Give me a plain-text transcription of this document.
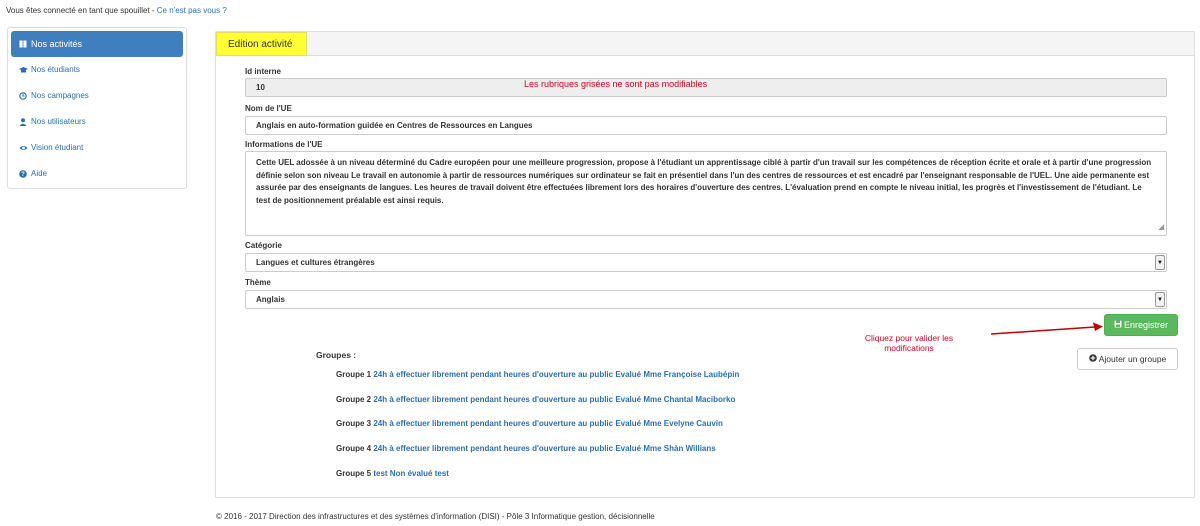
Vous êtes connecté en tant que spouillet - Ce n'est pas vous ?
Nos activités
Nos étudiants
Nos campagnes
Nos utilisateurs
Vision étudiant
? Aide
Edition activité
Id interne
10	Les rubriques grisées ne sont pas modifiables
Nom de l'UE
Anglais en auto-formation guidée en Centres de Ressources en Langues
Informations de l'UE
Cette UEL adossée à un niveau déterminé du Cadre européen pour une meilleure progression, propose à l'étudiant un apprentissage ciblé à partir d'un travail sur les compétences de réception écrite et orale et à partir d'une progression définie selon son niveau Le travail en autonomie à partir de ressources numériques sur ordinateur se fait en présentiel dans l'un des centres de ressources et est encadré par l'enseignant responsable de l'UEL. Une aide permanente est assurée par des enseignants de langues. Les heures de travail doivent être effectuées librement lors des horaires d'ouverture des centres. L'évaluation prend en compte le niveau initial, les progrès et l'investissement de l'étudiant. Le test de positionnement préalable est ainsi requis.
◢
Catégorie
Langues et cultures étrangères	▼
Thème
Anglais	▼
Enregistrer
Cliquez pour valider les modifications
Ajouter un groupe
Groupes :
Groupe 1 24h à effectuer librement pendant heures d'ouverture au public Evalué Mme Françoise Laubépin
Groupe 2 24h à effectuer librement pendant heures d'ouverture au public Evalué Mme Chantal Maciborko
Groupe 3 24h à effectuer librement pendant heures d'ouverture au public Evalué Mme Evelyne Cauvin
Groupe 4 24h à effectuer librement pendant heures d'ouverture au public Evalué Mme Shàn Willians
Groupe 5 test Non évalué test
© 2016 - 2017 Direction des infrastructures et des systèmes d'information (DISI) - Pôle 3 Informatique gestion, décisionnelle
